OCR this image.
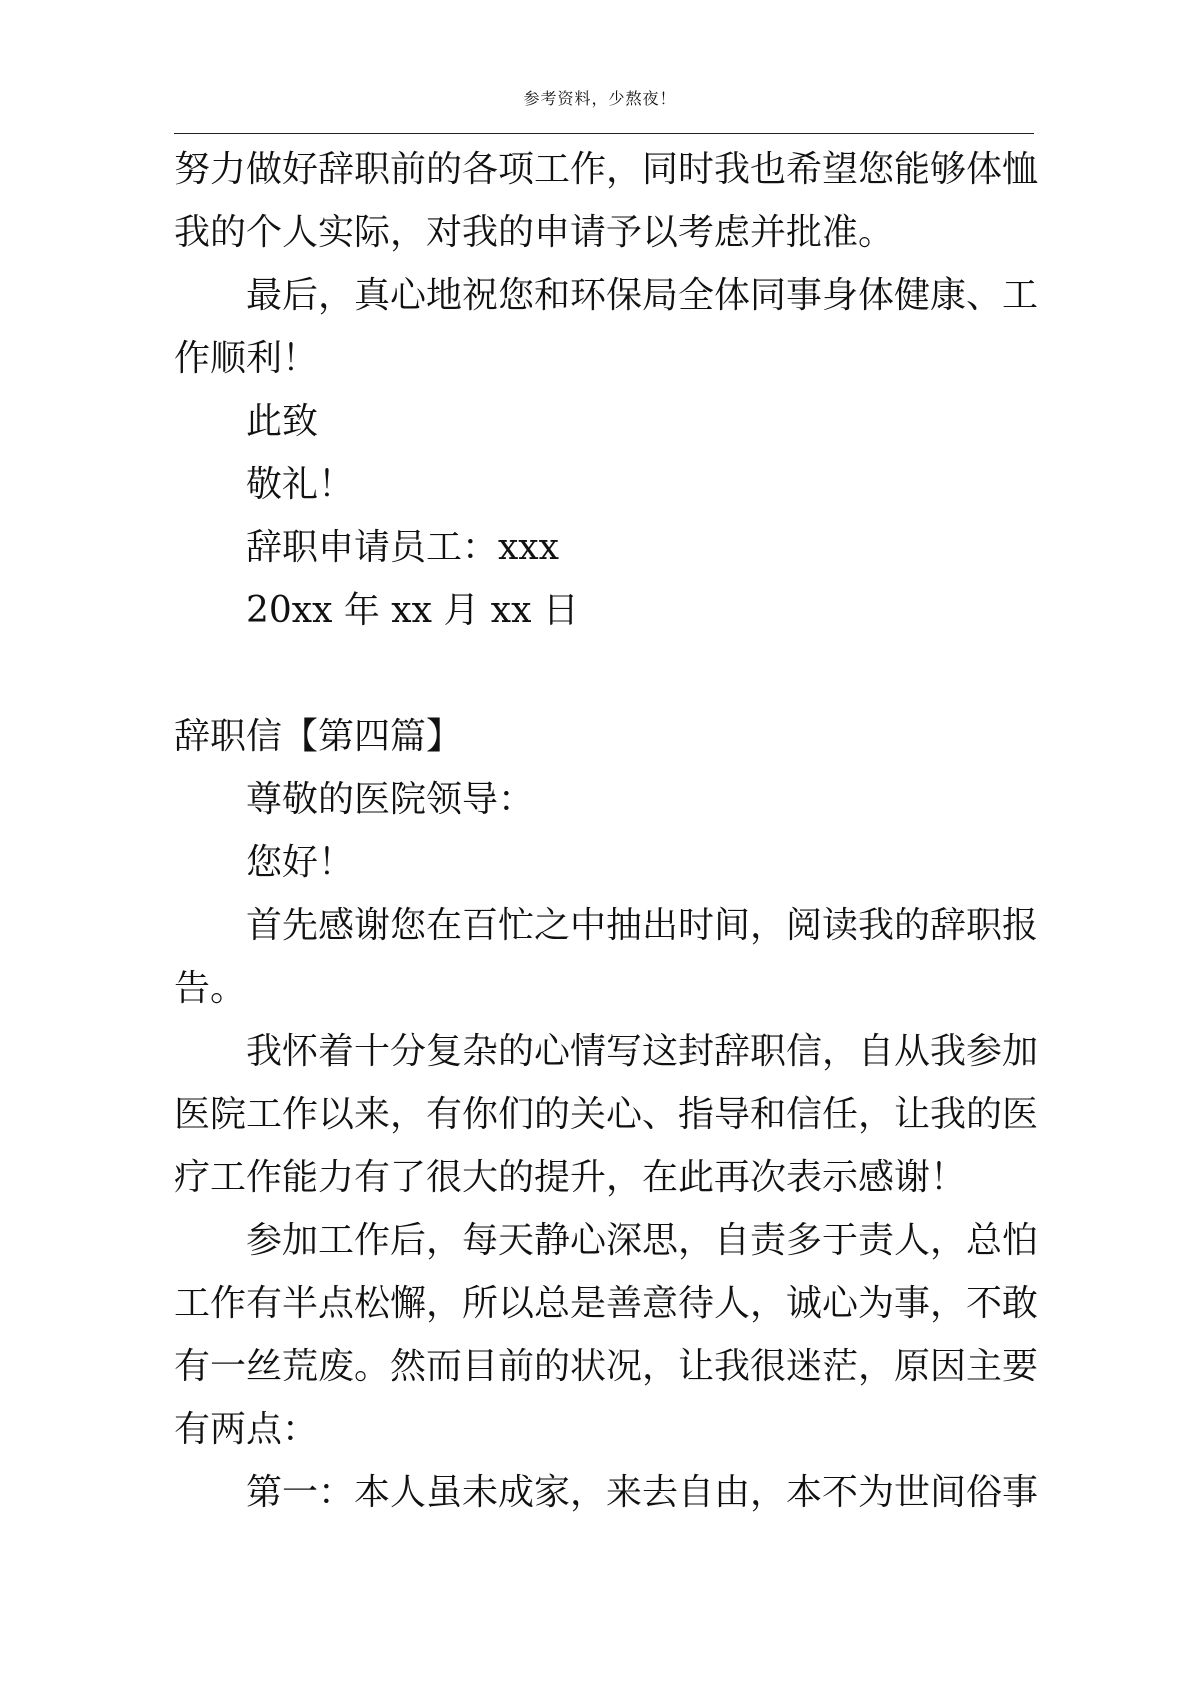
参考资料，少熬夜！
努力做好辞职前的各项工作，同时我也希望您能够体恤
我的个人实际，对我的申请予以考虑并批准。
最后，真心地祝您和环保局全体同事身体健康、工
作顺利！
此致
敬礼！
辞职申请员工：xxx
20xx 年 xx 月 xx 日
辞职信【第四篇】
尊敬的医院领导：
您好！
首先感谢您在百忙之中抽出时间，阅读我的辞职报
告。
我怀着十分复杂的心情写这封辞职信，自从我参加
医院工作以来，有你们的关心、指导和信任，让我的医
疗工作能力有了很大的提升，在此再次表示感谢！
参加工作后，每天静心深思，自责多于责人，总怕
工作有半点松懈，所以总是善意待人，诚心为事，不敢
有一丝荒废。然而目前的状况，让我很迷茫，原因主要
有两点：
第一：本人虽未成家，来去自由，本不为世间俗事
